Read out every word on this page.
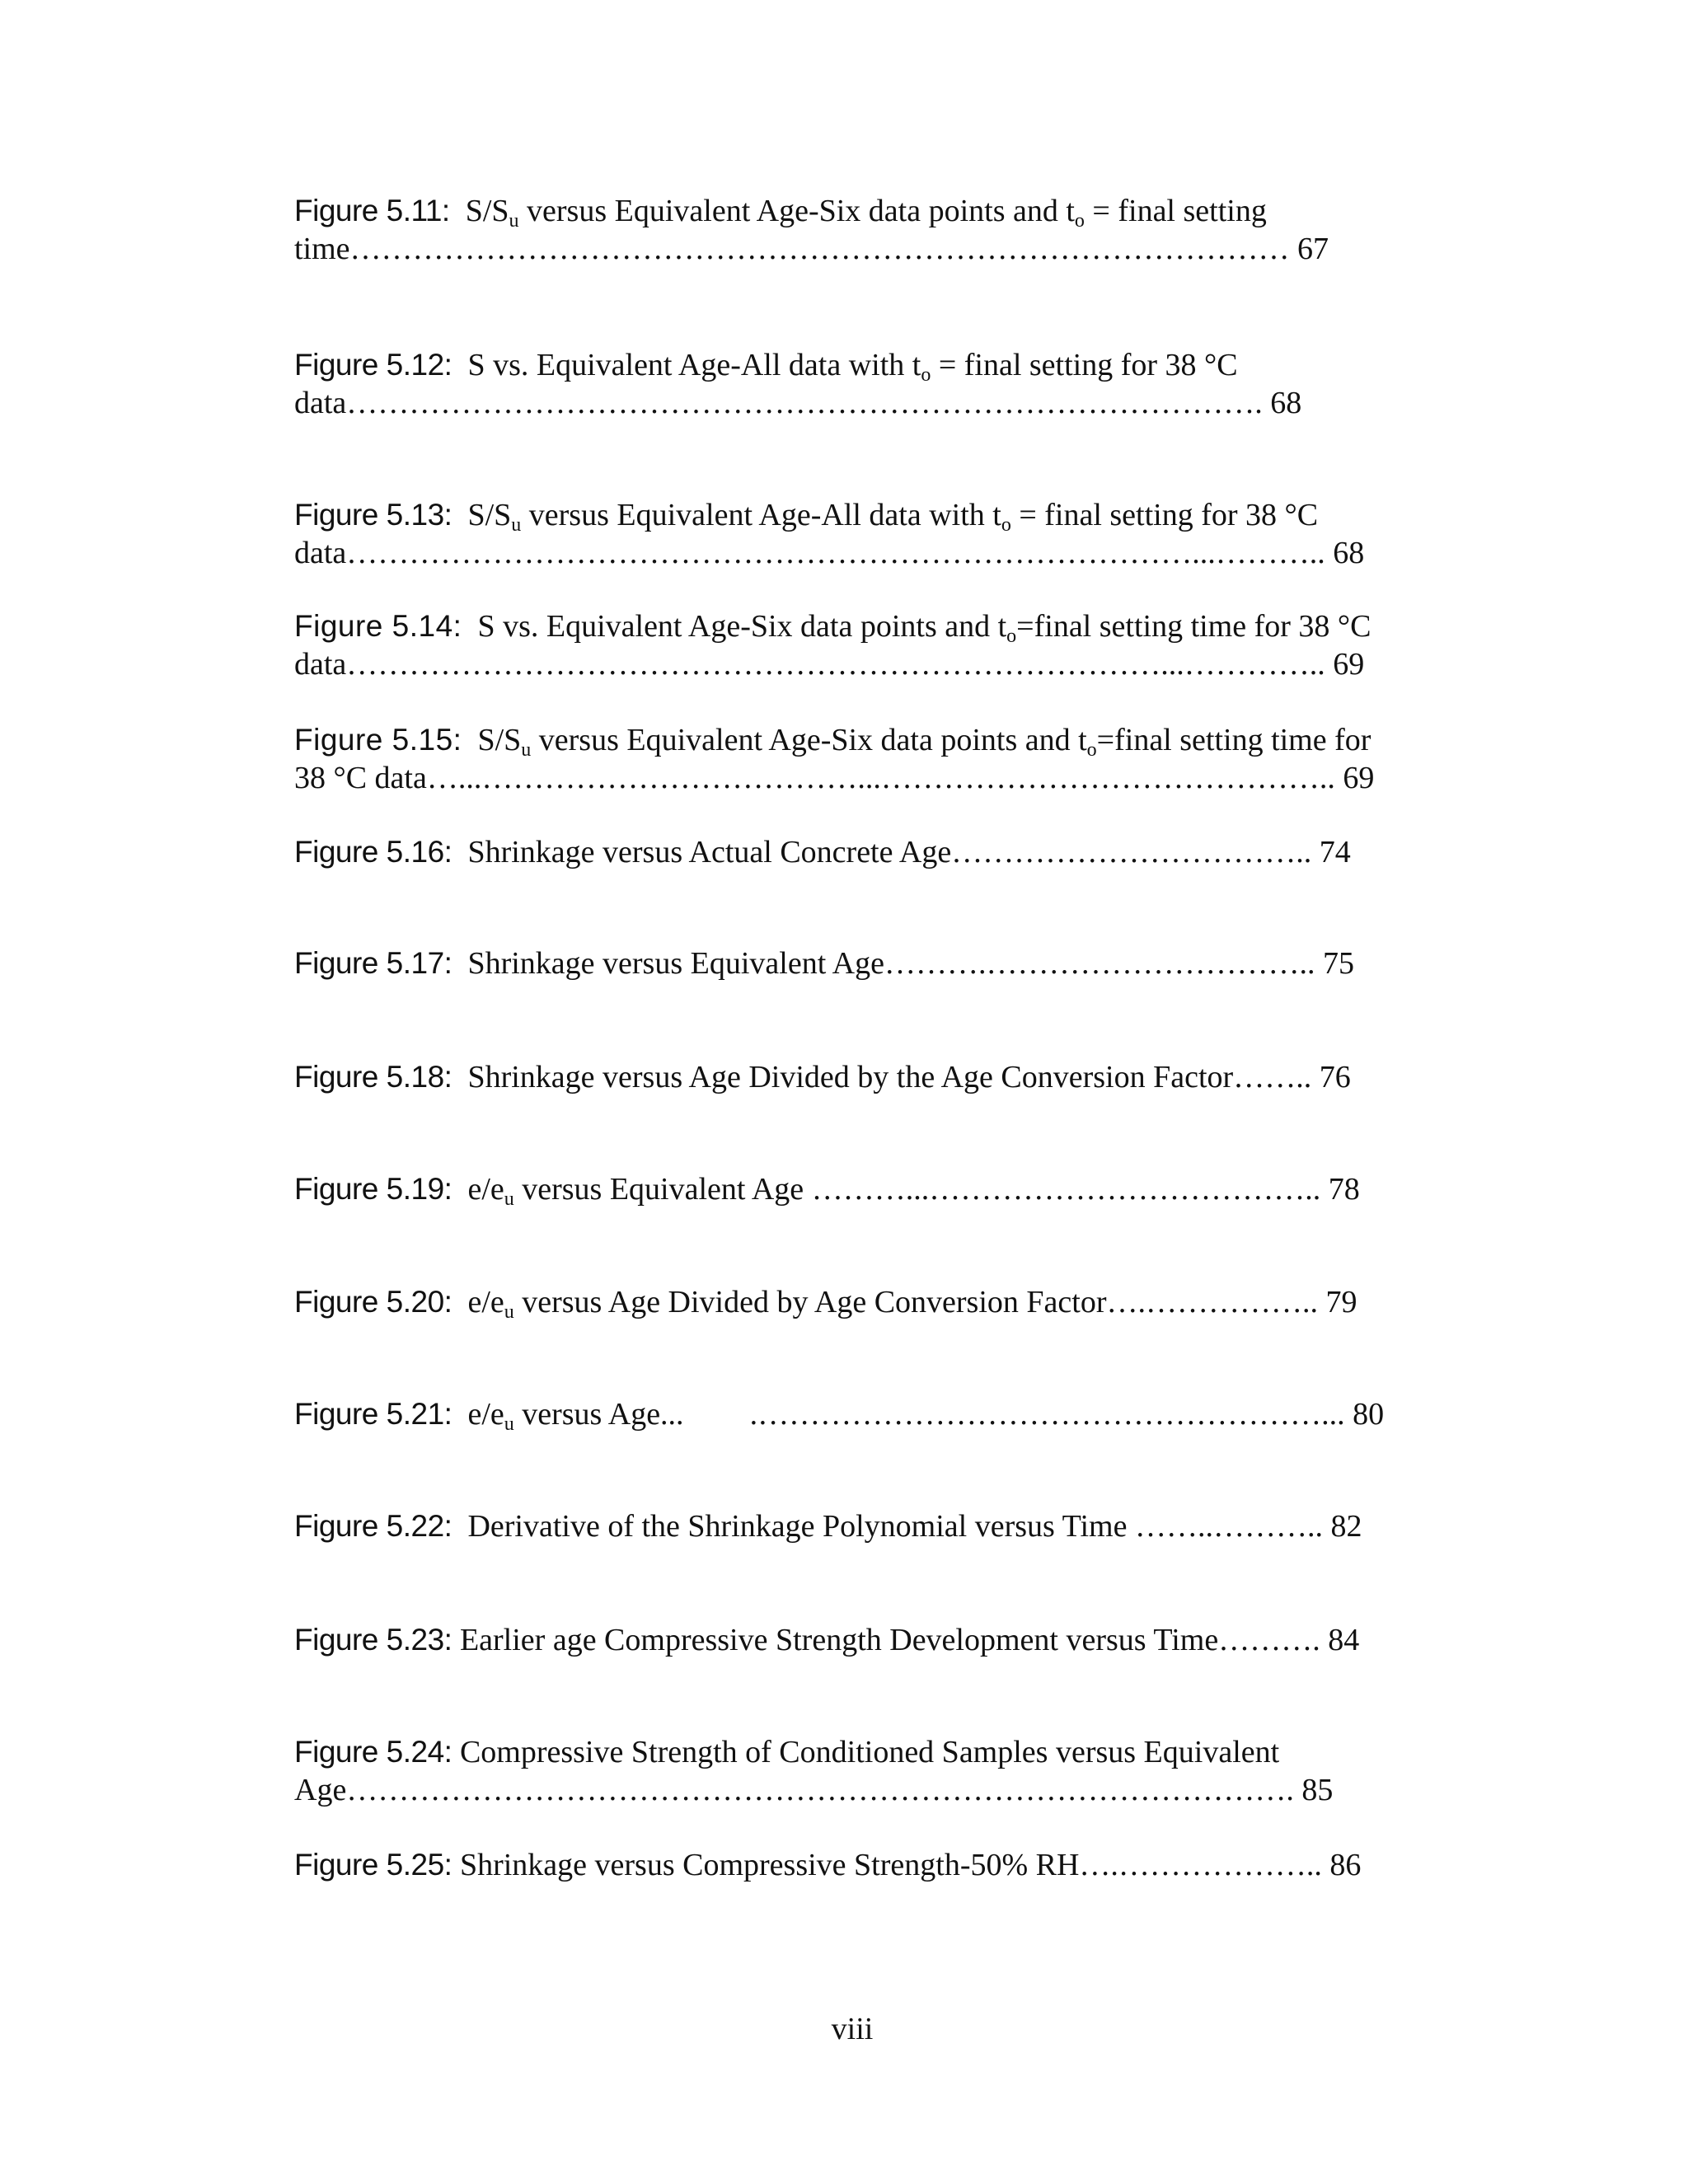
Figure 5.11: $S/S_u$ versus Equivalent Age-Six data points and $t_o$ = final setting
time……………………………………………………………………………… 67
Figure 5.12: S vs. Equivalent Age-All data with $t_o$ = final setting for 38 °C
data……………………………………………………………………………. 68
Figure 5.13: $S/S_u$ versus Equivalent Age-All data with $t_o$ = final setting for 38 °C
data………………………………………………………………………...……….. 68
Figure 5.14: S vs. Equivalent Age-Six data points and $t_o=final$ setting time for 38 °C
data……………………………………………………………………...………….. 69
Figure 5.15: $S/S_u$ versus Equivalent Age-Six data points and $t_o=final$ setting time for
38 °C data…...………………………………...…………………………………….. 69
Figure 5.16: Shrinkage versus Actual Concrete Age…………………………….. 74
Figure 5.17: Shrinkage versus Equivalent Age……….………………………….. 75
Figure 5.18: Shrinkage versus Age Divided by the Age Conversion Factor…….. 76
Figure 5.19: $e/e_u$ versus Equivalent Age ………...……………………………….. 78
Figure 5.20: $e/e_u$ versus Age Divided by Age Conversion Factor….…………….. 79
Figure 5.21: $e/e_u$ versus Age... .………………………………………………... 80
Figure 5.22: Derivative of the Shrinkage Polynomial versus Time ……..……….. 82
Figure 5.23: Earlier age Compressive Strength Development versus Time………. 84
Figure 5.24: Compressive Strength of Conditioned Samples versus Equivalent
Age………………………………………………………………………………. 85
Figure 5.25: Shrinkage versus Compressive Strength-50% RH….……………….. 86
viii
